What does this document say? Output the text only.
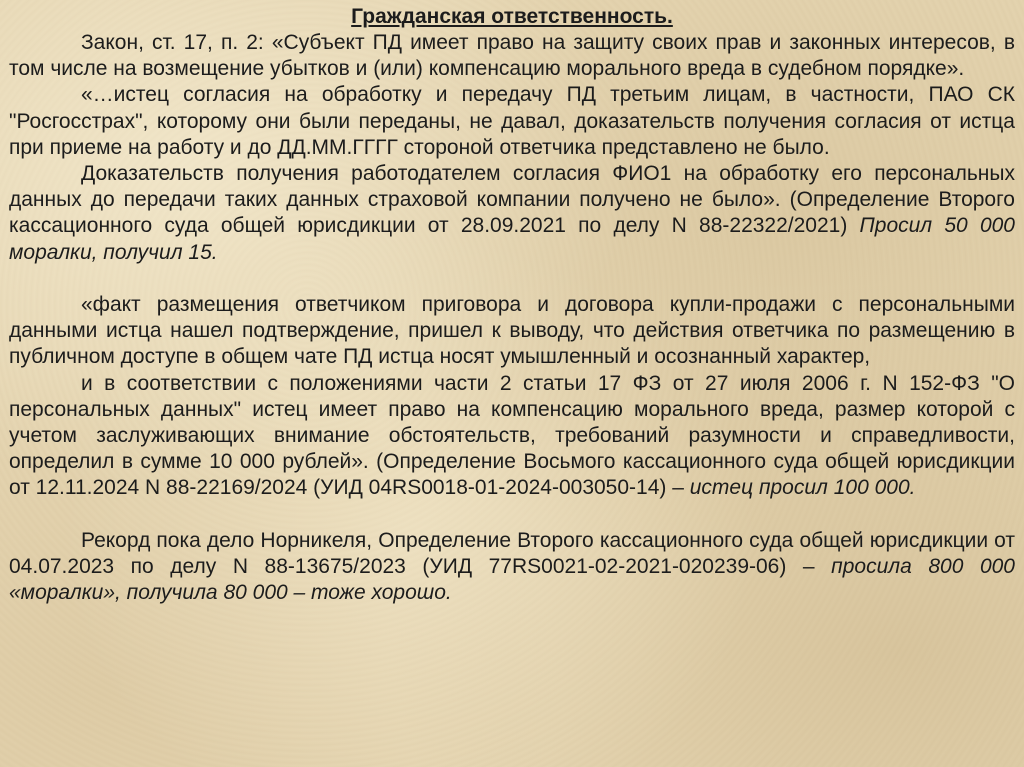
Гражданская ответственность.

Закон, ст. 17, п. 2: «Субъект ПД имеет право на защиту своих прав и законных интересов, в том числе на возмещение убытков и (или) компенсацию морального вреда в судебном порядке».

«…истец согласия на обработку и передачу ПД третьим лицам, в частности, ПАО СК "Росгосстрах", которому они были переданы, не давал, доказательств получения согласия от истца при приеме на работу и до ДД.ММ.ГГГГ стороной ответчика представлено не было.

Доказательств получения работодателем согласия ФИО1 на обработку его персональных данных до передачи таких данных страховой компании получено не было». (Определение Второго кассационного суда общей юрисдикции от 28.09.2021 по делу N 88-22322/2021) Просил 50 000 моралки, получил 15.

«факт размещения ответчиком приговора и договора купли-продажи с персональными данными истца нашел подтверждение, пришел к выводу, что действия ответчика по размещению в публичном доступе в общем чате ПД истца носят умышленный и осознанный характер,

и в соответствии с положениями части 2 статьи 17 ФЗ от 27 июля 2006 г. N 152-ФЗ "О персональных данных" истец имеет право на компенсацию морального вреда, размер которой с учетом заслуживающих внимание обстоятельств, требований разумности и справедливости, определил в сумме 10 000 рублей». (Определение Восьмого кассационного суда общей юрисдикции от 12.11.2024 N 88-22169/2024 (УИД 04RS0018-01-2024-003050-14) – истец просил 100 000.

Рекорд пока дело Норникеля, Определение Второго кассационного суда общей юрисдикции от 04.07.2023 по делу N 88-13675/2023 (УИД 77RS0021-02-2021-020239-06) – просила 800 000 «моралки», получила 80 000 – тоже хорошо.
